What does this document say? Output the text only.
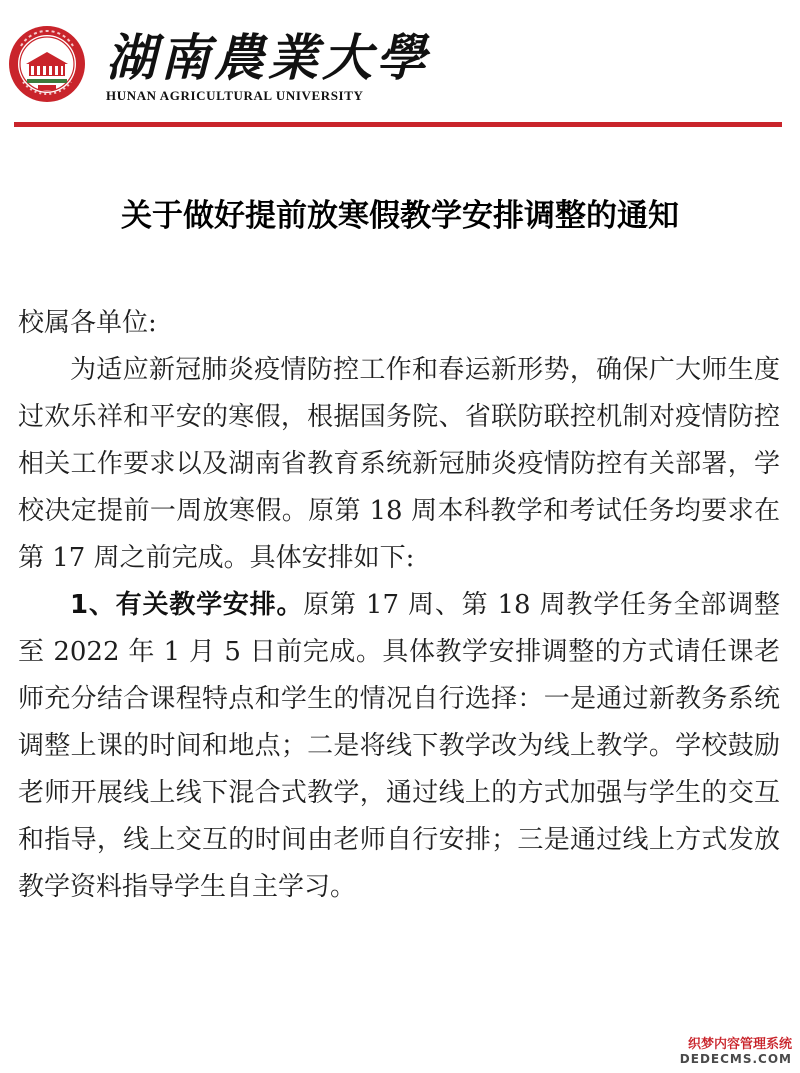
湖南農業大學
HUNAN AGRICULTURAL UNIVERSITY
关于做好提前放寒假教学安排调整的通知

校属各单位:

为适应新冠肺炎疫情防控工作和春运新形势，确保广大师生度过欢乐祥和平安的寒假，根据国务院、省联防联控机制对疫情防控相关工作要求以及湖南省教育系统新冠肺炎疫情防控有关部署，学校决定提前一周放寒假。原第 18 周本科教学和考试任务均要求在第 17 周之前完成。具体安排如下:

1、有关教学安排。原第 17 周、第 18 周教学任务全部调整至 2022 年 1 月 5 日前完成。具体教学安排调整的方式请任课老师充分结合课程特点和学生的情况自行选择：一是通过新教务系统调整上课的时间和地点；二是将线下教学改为线上教学。学校鼓励老师开展线上线下混合式教学，通过线上的方式加强与学生的交互和指导，线上交互的时间由老师自行安排；三是通过线上方式发放教学资料指导学生自主学习。

织梦内容管理系统
DEDECMS.COM
